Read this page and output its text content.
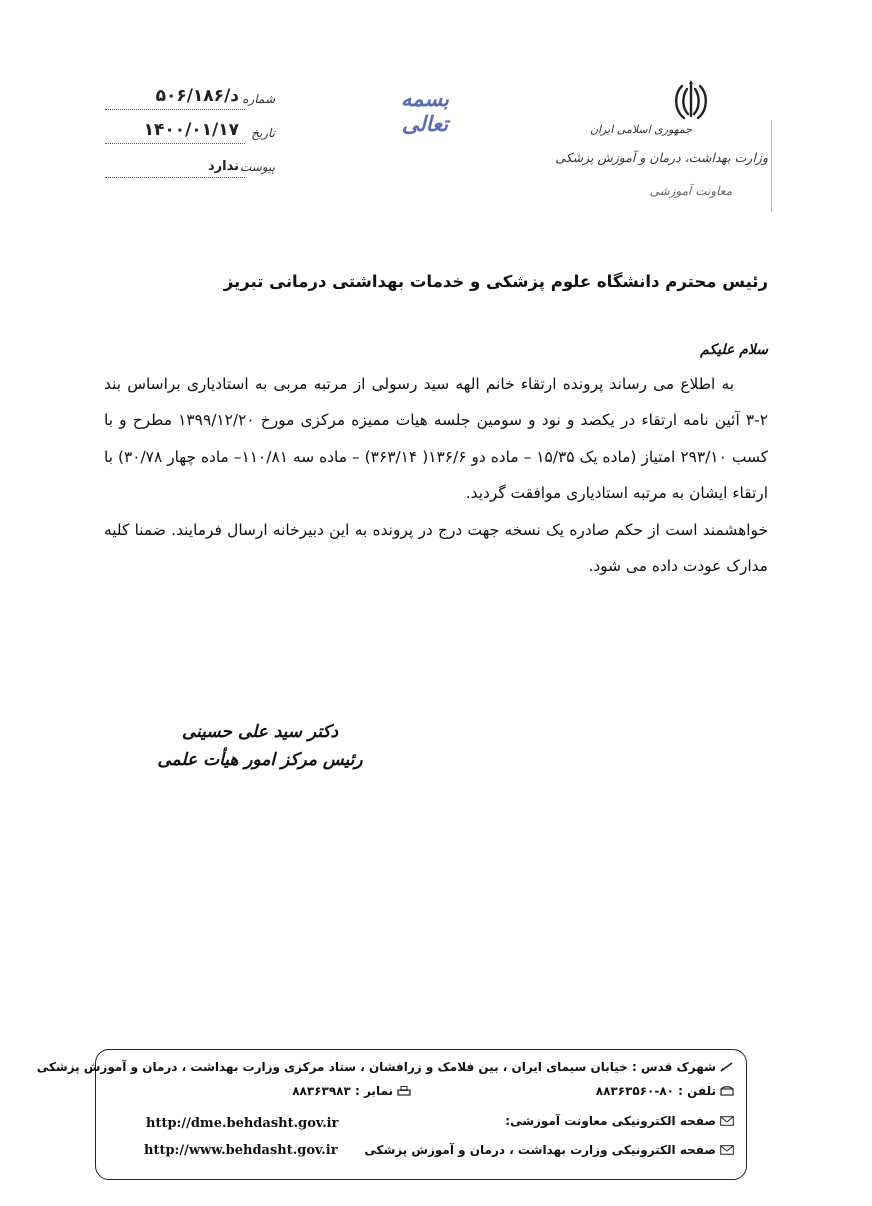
شماره
د/۵۰۶/۱۸۶
تاریخ
۱۴۰۰/۰۱/۱۷
پیوست
ندارد
بسمه تعالی	جمهوری اسلامی ایران
وزارت بهداشت، درمان و آموزش پزشکی
معاونت آموزشی
رئیس محترم دانشگاه علوم پزشکی و خدمات بهداشتی درمانی تبریز
سلام علیکم

به اطلاع می رساند پرونده ارتقاء خانم الهه سید رسولی از مرتبه مربی به استادیاری براساس بند ۲-۳ آئین نامه ارتقاء در یکصد و نود و سومین جلسه هیات ممیزه مرکزی مورخ ۱۳۹۹/۱۲/۲۰ مطرح و با کسب ۲۹۳/۱۰ امتیاز (ماده یک ۱۵/۳۵ – ماده دو ۱۳۶/۶( ۳۶۳/۱۴) – ماده سه ۱۱۰/۸۱– ماده چهار ۳۰/۷۸) با ارتقاء ایشان به مرتبه استادیاری موافقت گردید.

خواهشمند است از حکم صادره یک نسخه جهت درج در پرونده به این دبیرخانه ارسال فرمایند. ضمنا کلیه مدارک عودت داده می شود.

دکتر سید علی حسینی
رئیس مرکز امور هیأت علمی
شهرک قدس : خیابان سیمای ایران ، بین فلامک و زرافشان ، ستاد مرکزی وزارت بهداشت ، درمان و آموزش پزشکی
تلفن : ۸۰-۸۸۳۶۳۵۶۰
نمابر : ۸۸۳۶۳۹۸۳
صفحه الکترونیکی معاونت آموزشی:
http://dme.behdasht.gov.ir
صفحه الکترونیکی وزارت بهداشت ، درمان و آموزش پزشکی
http://www.behdasht.gov.ir
